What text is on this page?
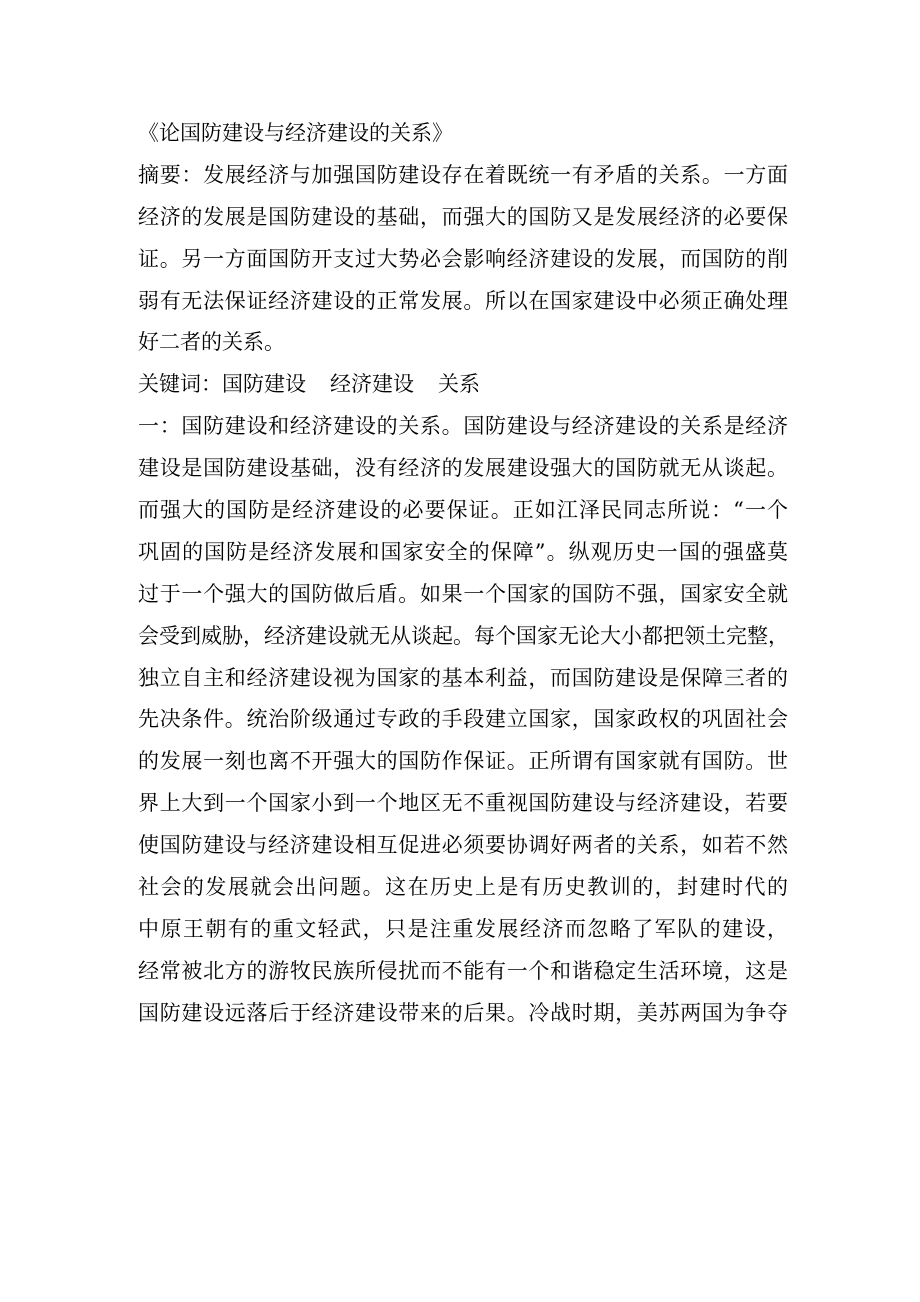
《论国防建设与经济建设的关系》
摘要：发展经济与加强国防建设存在着既统一有矛盾的关系。一方面
经济的发展是国防建设的基础，而强大的国防又是发展经济的必要保
证。另一方面国防开支过大势必会影响经济建设的发展，而国防的削
弱有无法保证经济建设的正常发展。所以在国家建设中必须正确处理
好二者的关系。
关键词：国防建设 经济建设 关系
一：国防建设和经济建设的关系。国防建设与经济建设的关系是经济
建设是国防建设基础，没有经济的发展建设强大的国防就无从谈起。
而强大的国防是经济建设的必要保证。正如江泽民同志所说：“一个
巩固的国防是经济发展和国家安全的保障”。纵观历史一国的强盛莫
过于一个强大的国防做后盾。如果一个国家的国防不强，国家安全就
会受到威胁，经济建设就无从谈起。每个国家无论大小都把领土完整，
独立自主和经济建设视为国家的基本利益，而国防建设是保障三者的
先决条件。统治阶级通过专政的手段建立国家，国家政权的巩固社会
的发展一刻也离不开强大的国防作保证。正所谓有国家就有国防。世
界上大到一个国家小到一个地区无不重视国防建设与经济建设，若要
使国防建设与经济建设相互促进必须要协调好两者的关系，如若不然
社会的发展就会出问题。这在历史上是有历史教训的，封建时代的
中原王朝有的重文轻武，只是注重发展经济而忽略了军队的建设，
经常被北方的游牧民族所侵扰而不能有一个和谐稳定生活环境，这是
国防建设远落后于经济建设带来的后果。冷战时期，美苏两国为争夺
